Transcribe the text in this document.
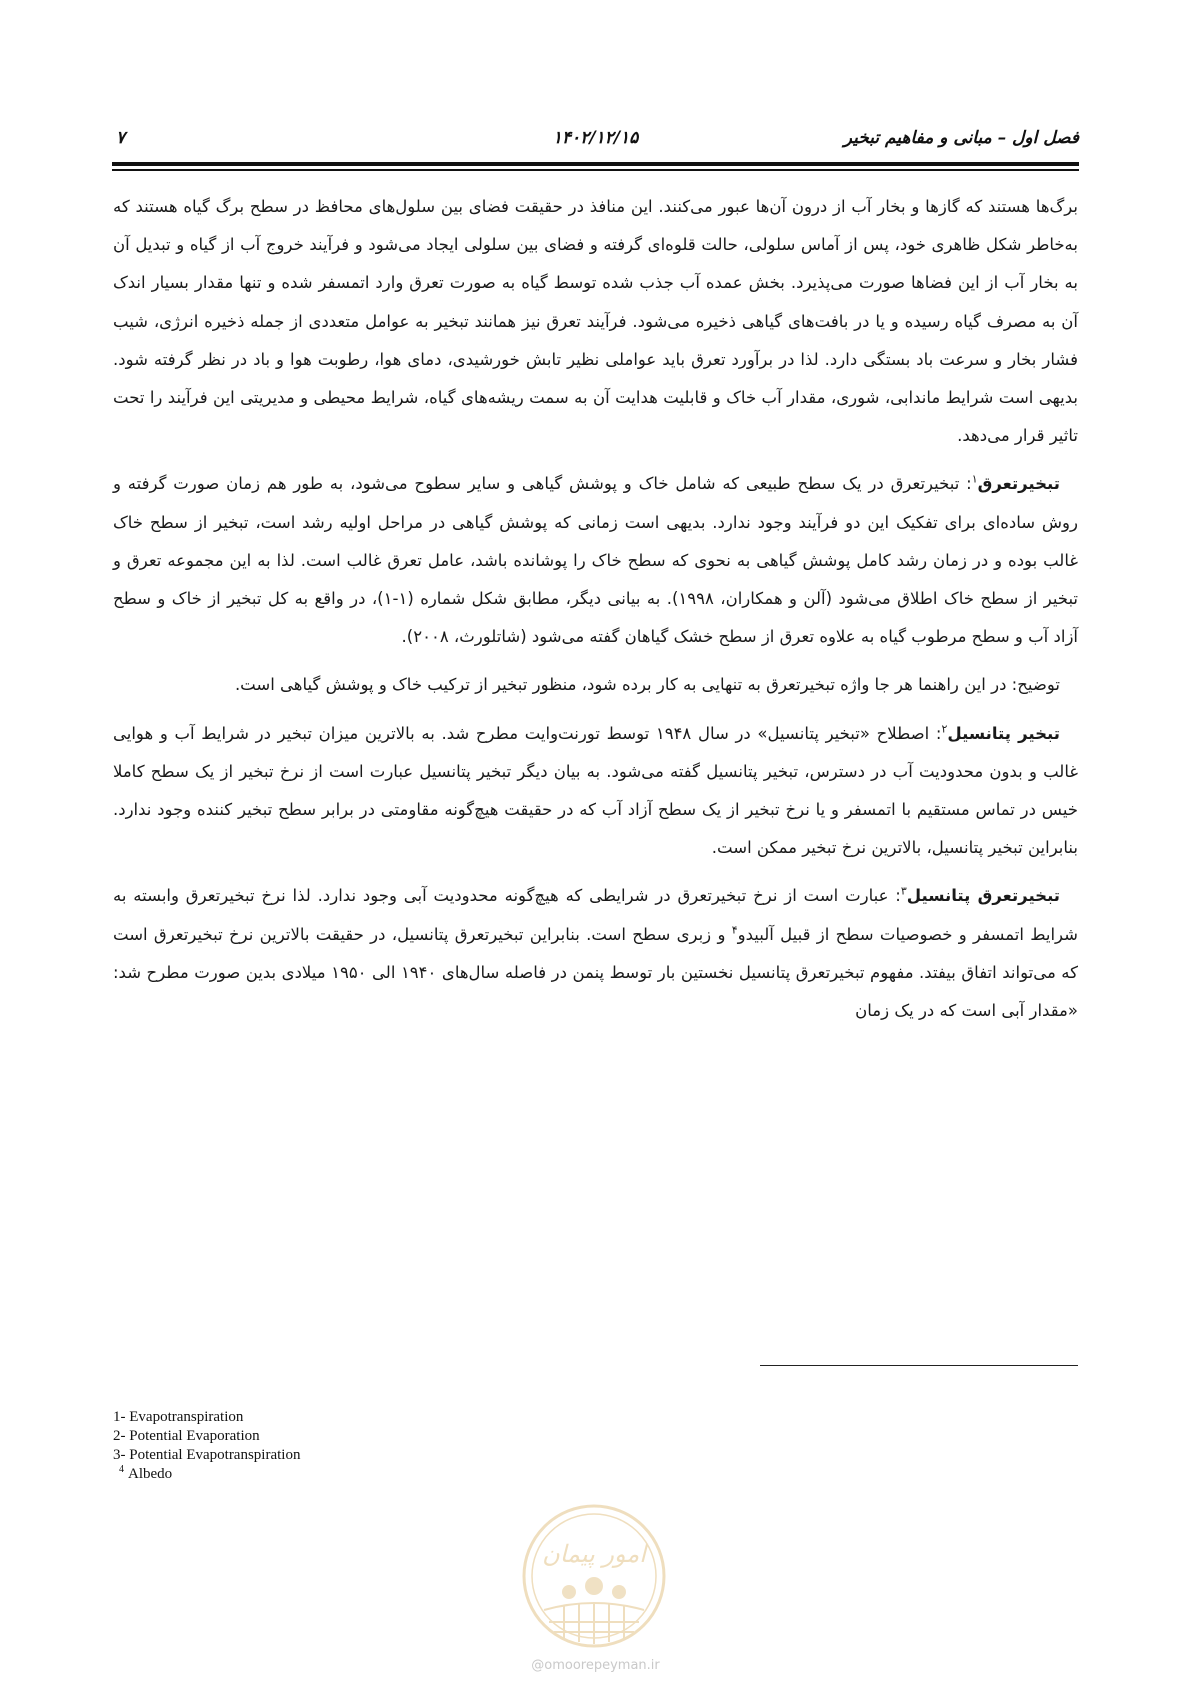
فصل اول – مبانی و مفاهیم تبخیر
۱۴۰۲/۱۲/۱۵
۷

برگ‌ها هستند که گازها و بخار آب از درون آن‌ها عبور می‌کنند. این منافذ در حقیقت فضای بین سلول‌های محافظ در سطح برگ گیاه هستند که به‌خاطر شکل ظاهری خود، پس از آماس سلولی، حالت قلوه‌ای گرفته و فضای بین سلولی ایجاد می‌شود و فرآیند خروج آب از گیاه و تبدیل آن به بخار آب از این فضاها صورت می‌پذیرد. بخش عمده آب جذب شده توسط گیاه به صورت تعرق وارد اتمسفر شده و تنها مقدار بسیار اندک آن به مصرف گیاه رسیده و یا در بافت‌های گیاهی ذخیره می‌شود. فرآیند تعرق نیز همانند تبخیر به عوامل متعددی از جمله ذخیره انرژی، شیب فشار بخار و سرعت باد بستگی دارد. لذا در برآورد تعرق باید عواملی نظیر تابش خورشیدی، دمای هوا، رطوبت هوا و باد در نظر گرفته شود. بدیهی است شرایط ماندابی، شوری، مقدار آب خاک و قابلیت هدایت آن به سمت ریشه‌های گیاه، شرایط محیطی و مدیریتی این فرآیند را تحت تاثیر قرار می‌دهد.

تبخیرتعرق$^۱$: تبخیرتعرق در یک سطح طبیعی که شامل خاک و پوشش گیاهی و سایر سطوح می‌شود، به طور هم زمان صورت گرفته و روش ساده‌ای برای تفکیک این دو فرآیند وجود ندارد. بدیهی است زمانی که پوشش گیاهی در مراحل اولیه رشد است، تبخیر از سطح خاک غالب بوده و در زمان رشد کامل پوشش گیاهی به نحوی که سطح خاک را پوشانده باشد، عامل تعرق غالب است. لذا به این مجموعه تعرق و تبخیر از سطح خاک اطلاق می‌شود (آلن و همکاران، ۱۹۹۸). به بیانی دیگر، مطابق شکل شماره (۱-۱)، در واقع به کل تبخیر از خاک و سطح آزاد آب و سطح مرطوب گیاه به علاوه تعرق از سطح خشک گیاهان گفته می‌شود (شاتلورث، ۲۰۰۸).

توضیح: در این راهنما هر جا واژه تبخیرتعرق به تنهایی به کار برده شود، منظور تبخیر از ترکیب خاک و پوشش گیاهی است.

تبخیر پتانسیل$^۲$: اصطلاح «تبخیر پتانسیل» در سال ۱۹۴۸ توسط تورنت‌وایت مطرح شد. به بالاترین میزان تبخیر در شرایط آب و هوایی غالب و بدون محدودیت آب در دسترس، تبخیر پتانسیل گفته می‌شود. به بیان دیگر تبخیر پتانسیل عبارت است از نرخ تبخیر از یک سطح کاملا خیس در تماس مستقیم با اتمسفر و یا نرخ تبخیر از یک سطح آزاد آب که در حقیقت هیچ‌گونه مقاومتی در برابر سطح تبخیر کننده وجود ندارد. بنابراین تبخیر پتانسیل، بالاترین نرخ تبخیر ممکن است.

تبخیرتعرق پتانسیل$^۳$: عبارت است از نرخ تبخیرتعرق در شرایطی که هیچ‌گونه محدودیت آبی وجود ندارد. لذا نرخ تبخیرتعرق وابسته به شرایط اتمسفر و خصوصیات سطح از قبیل آلبیدو$^۴$ و زبری سطح است. بنابراین تبخیرتعرق پتانسیل، در حقیقت بالاترین نرخ تبخیرتعرق است که می‌تواند اتفاق بیفتد. مفهوم تبخیرتعرق پتانسیل نخستین بار توسط پنمن در فاصله سال‌های ۱۹۴۰ الی ۱۹۵۰ میلادی بدین صورت مطرح شد: «مقدار آبی است که در یک زمان

1- Evapotranspiration
2- Potential Evaporation
3- Potential Evapotranspiration
$^4$ Albedo
امور پیمان
@omoorepeyman.ir
